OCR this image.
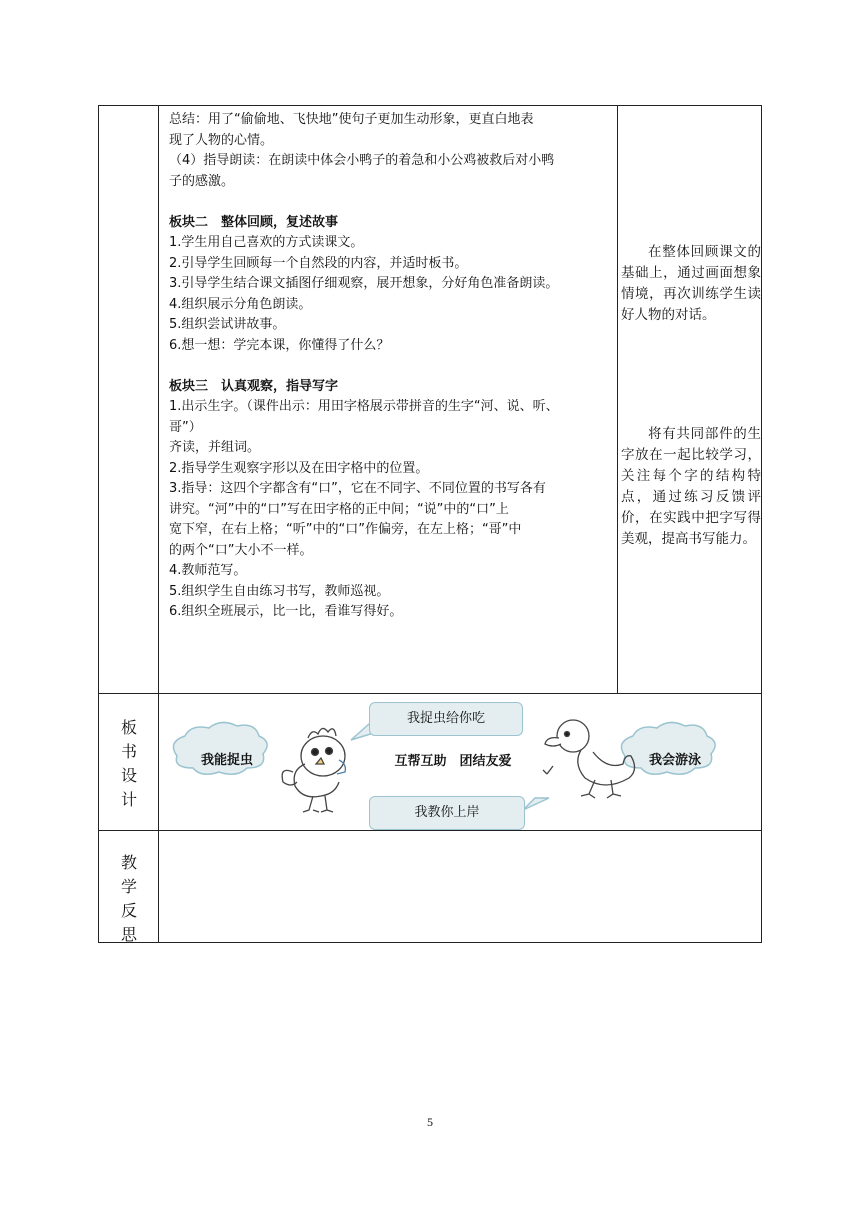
总结：用了“偷偷地、飞快地”使句子更加生动形象，更直白地表

现了人物的心情。

（4）指导朗读：在朗读中体会小鸭子的着急和小公鸡被救后对小鸭

子的感激。

板块二　整体回顾，复述故事

1.学生用自己喜欢的方式读课文。

2.引导学生回顾每一个自然段的内容，并适时板书。

3.引导学生结合课文插图仔细观察，展开想象，分好角色准备朗读。

4.组织展示分角色朗读。

5.组织尝试讲故事。

6.想一想：学完本课，你懂得了什么？

板块三　认真观察，指导写字

1.出示生字。（课件出示：用田字格展示带拼音的生字“河、说、听、

哥”）

齐读，并组词。

2.指导学生观察字形以及在田字格中的位置。

3.指导：这四个字都含有“口”，它在不同字、不同位置的书写各有

讲究。“河”中的“口”写在田字格的正中间；“说”中的“口”上

宽下窄，在右上格；“听”中的“口”作偏旁，在左上格；“哥”中

的两个“口”大小不一样。

4.教师范写。

5.组织学生自由练习书写，教师巡视。

6.组织全班展示，比一比，看谁写得好。

在整体回顾课文的基础上，通过画面想象情境，再次训练学生读好人物的对话。
将有共同部件的生字放在一起比较学习，关注每个字的结构特点，通过练习反馈评价，在实践中把字写得美观，提高书写能力。
板
书
设
计
教
学
反
思
我能捉虫	我会游泳
我捉虫给你吃
我教你上岸
互帮互助　团结友爱
5
